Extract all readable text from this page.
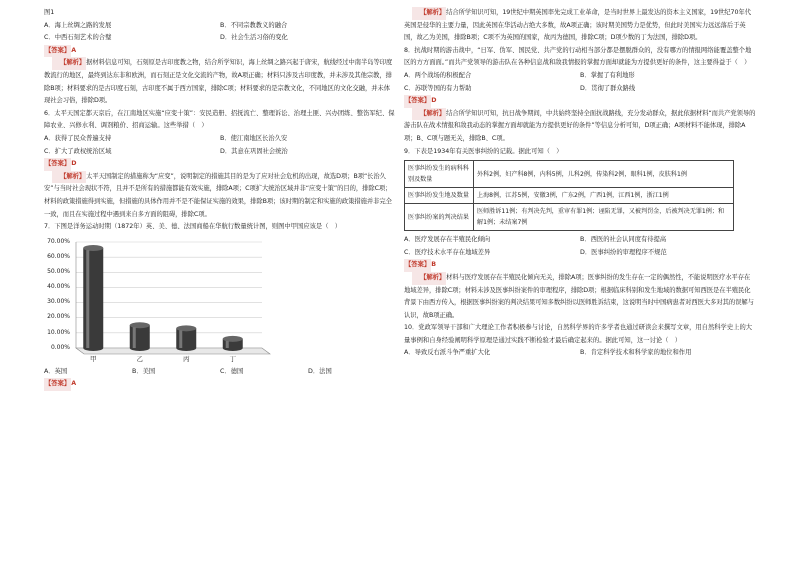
图1

A．海上丝绸之路的发展	B．不同宗教教义的融合
C．中西石刻艺术的合璧	D．社会生活习俗的变化

【答案】A

【解析】据材料信息可知，石刻原是古印度教之物，结合所学知识，海上丝绸之路兴起于唐宋，航线经过中南半岛等印度教流行的地区，最终到达东非和欧洲，而石刻正是文化交流的产物，故A项正确；材料只涉及古印度教，并未涉及其他宗教，排除B项；材料要求的是古印度石刻，古印度不属于西方国家，排除C项；材料要求的是宗教文化，不同地区的文化交融，并未体现社会习俗，排除D项。

6．太平天国定都天京后，在江南地区实施“应变十策”：安民造册、招抚流亡、整理诉讼、治理土匪、兴办团练、整饬军纪、保障农业、兴修水利、调剂粮价、招商运输。这些举措（　）

A．获得了民众普遍支持	B．使江南地区长治久安
C．扩大了政权统治区域	D．其意在巩固社会统治

【答案】D

【解析】太平天国制定的措施称为“应变”，说明制定的措施其目的是为了应对社会危机的出现，故选D项；B项“长治久安”与当时社会现状不符，且并不是所有的措施都能有效实施，排除A项；C项扩大统治区域并非“应变十策”的目的，排除C项；材料的政策措施得到实施，但措施的具体作用并不是不能保证实施的效果，排除B项；该时期的制定和实施的政策措施并非完全一致，而且在实施过程中遇到来自多方面的阻碍，排除C项。

7．下图是洋务运动时期（1872年）英、美、德、法国商船在华航行数量统计图，则图中甲国应该是（　）

70.00%
60.00%
50.00%
40.00%
30.00%
20.00%
10.00%
0.00%
甲	乙	丙	丁
A．英国	B．美国	C．德国	D．法国

【答案】A

【解析】结合所学知识可知，19世纪中期英国率先完成工业革命，是当时世界上最发达的资本主义国家，19世纪70年代英国是侵华的主要力量，因此英国在华活动占绝大多数，故A项正确；该时期美国势力是优势，但此时美国实力远远落后于英国，故乙为美国，排除B项；C项不为英国的国家，故丙为德国，排除C项；D项少数的丁为法国，排除D项。

8．抗战时期的游击战中，“日军、伪军、国民党、共产党的行动相当部分都是摆脱群众的，没有哪方的情报网络能覆盖整个地区的方方面面。”而共产党领导的游击队在各种信息战和敌我情报的掌握方面却就能为方提供更好的条件，这主要得益于（　）

A．两个战场的积极配合	B．掌握了有利地形
C．苏联等国的有力帮助	D．贯彻了群众路线

【答案】D

【解析】结合所学知识可知，抗日战争期间，中共始终坚持全面抗战路线，充分发动群众，据此依据材料“而共产党领导的游击队在战术情报和敌我动态的掌握方面却就能为方提供更好的条件”等信息分析可知，D项正确；A项材料不能体现，排除A项；B、C项与题无关，排除B、C项。

9．下表是1934年有关医事纠纷的记载。据此可知（　）

医事纠纷发生的病科科别及数量	外科2例，妇产科8例，内科5例，儿科2例，传染科2例，眼科1例，皮肤科1例
医事纠纷发生地及数量	上海8例，江苏5例，安徽3例，广东2例，广西1例，江西1例，浙江1例
医事纠纷案的判决结果	医师胜诉11例；有判决先判，重审有罪1例；诬陷无罪，又被判罚金，后被判决无罪1例；和解1例；未结案7例
A．医疗发展存在半殖民化倾向	B．西医的社会认同度有待提高
C．医疗技术水平存在地域差异	D．医事纠纷的审理程序不规范

【答案】B

【解析】材料与医疗发展存在半殖民化倾向无关，排除A项；医事纠纷的发生存在一定的偶然性，不能说明医疗水平存在地域差异，排除C项；材料未涉及医事纠纷案件的审理程序，排除D项；根据临床科别和发生地域的数据可知西医是在半殖民化背景下由西方传入，根据医事纠纷案的判决结果可知多数纠纷以医师胜诉结束，这说明当时中国病患者对西医大多对其的误解与认识，故B项正确。

10．党政军领导干部和广大理论工作者积极参与讨论，自然科学界的许多学者也通过研读会来撰写文章，用自然科学史上的大量事例和自身经验阐明科学原理是通过实践不断检验才最后确定起来的。据此可知，这一讨论（　）

A．导致反右派斗争严重扩大化	B．肯定科学技术和科学家的地位和作用
